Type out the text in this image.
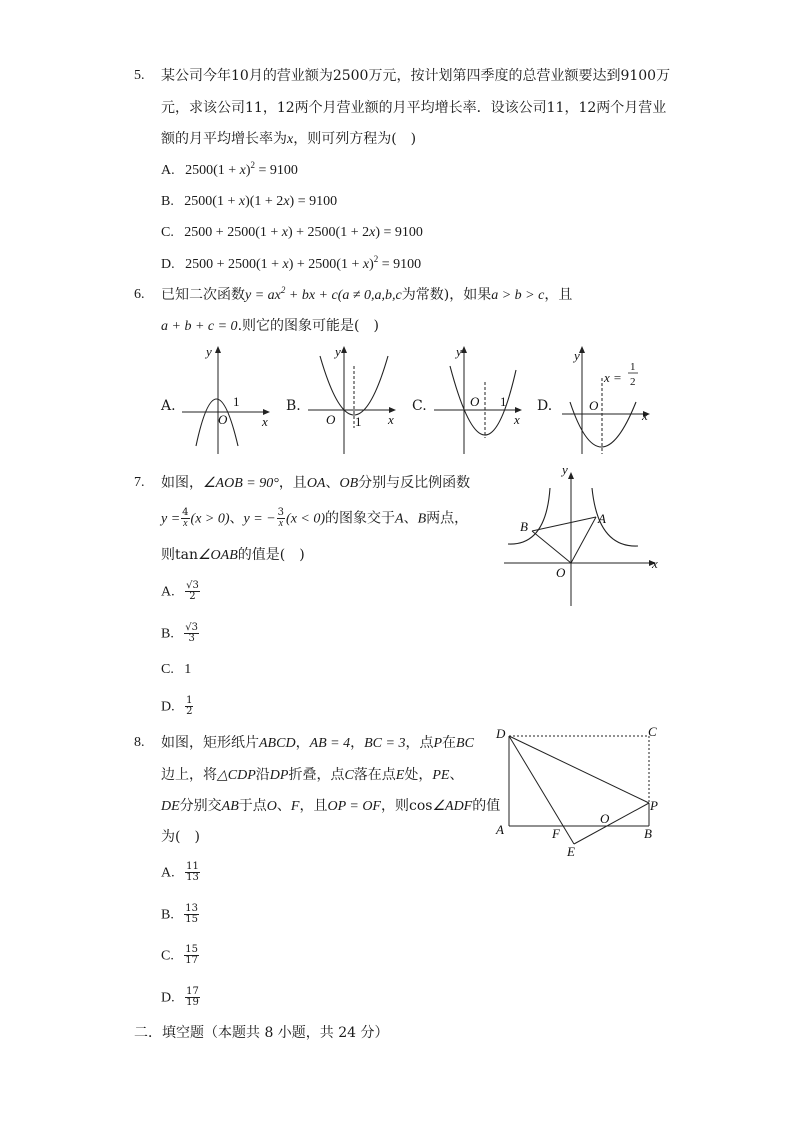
5. 某公司今年10月的营业额为2500万元，按计划第四季度的总营业额要达到9100万
元，求该公司11，12两个月营业额的月平均增长率．设该公司11，12两个月营业
额的月平均增长率为x，则可列方程为(　)
A. $2500(1 + x)^2 = 9100$
B. 2500(1 + x)(1 + 2x) = 9100
C. 2500 + 2500(1 + x) + 2500(1 + 2x) = 9100
D. $2500 + 2500(1 + x) + 2500(1 + x)^2 = 9100$
6. 已知二次函数$y = ax^2$ + bx + c(a ≠ 0,a,b,c为常数)，如果a > b > c，且
a + b + c = 0.则它的图象可能是(　)
A.
y
x
O
1	B.
y
x
O 1
C.
y
x
O 1 D.
y
x
O
x =
1
2
7. 如图，∠AOB = 90°，且OA、OB分别与反比例函数
$y = \frac{4}{x} (x > 0)$、y = − $\frac{3}{x} (x < 0)$的图象交于A、B两点，
则tan∠OAB的值是(　)
A. $\frac{√3}{2}$
B. $\frac{√3}{3}$
C. 1
D. $\frac{1}{2}$
y
x
O
A
B
8. 如图，矩形纸片ABCD，AB = 4，BC = 3，点P在BC
边上，将△CDP沿DP折叠，点C落在点E处，PE、
DE分别交AB于点O、F，且OP = OF，则cos∠ADF的值
为(　)
A. $\frac{11}{13}$
B. $\frac{13}{15}$
C. $\frac{15}{17}$
D. $\frac{17}{19}$
D	C
A	B
P
O
F
E
二．填空题（本题共 8 小题，共 24 分）
